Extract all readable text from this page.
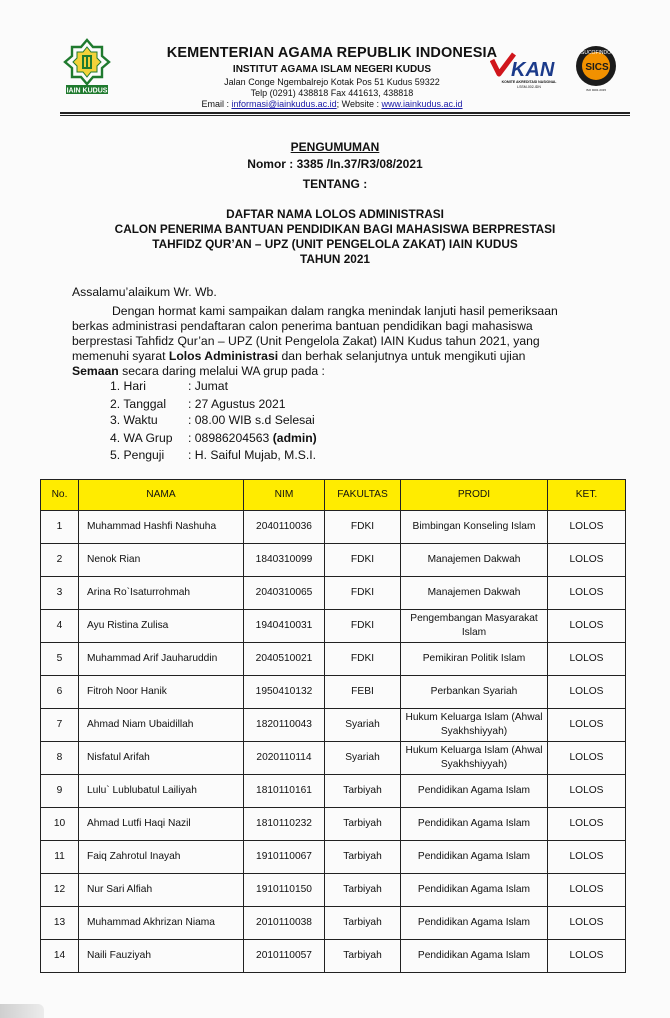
IAIN KUDUS
KEMENTERIAN AGAMA REPUBLIK INDONESIA
INSTITUT AGAMA ISLAM NEGERI KUDUS
Jalan Conge Ngembalrejo Kotak Pos 51 Kudus 59322
Telp (0291) 438818 Fax 441613, 438818
Email : informasi@iainkudus.ac.id; Website : www.iainkudus.ac.id
KAN
KOMITE AKREDITASI NASIONAL
LSSM-002-IDN
SUCOFINDO
SICS
ISO 9001:2015
PENGUMUMAN
Nomor : 3385 /In.37/R3/08/2021
TENTANG :
DAFTAR NAMA LOLOS ADMINISTRASI
CALON PENERIMA BANTUAN PENDIDIKAN BAGI MAHASISWA BERPRESTASI
TAHFIDZ QUR’AN – UPZ (UNIT PENGELOLA ZAKAT) IAIN KUDUS
TAHUN 2021
Assalamu’alaikum Wr. Wb.
Dengan hormat kami sampaikan dalam rangka menindak lanjuti hasil pemeriksaan
berkas administrasi pendaftaran calon penerima bantuan pendidikan bagi mahasiswa
berprestasi Tahfidz Qur’an – UPZ (Unit Pengelola Zakat) IAIN Kudus tahun 2021, yang
memenuhi syarat Lolos Administrasi dan berhak selanjutnya untuk mengikuti ujian
Semaan secara daring melalui WA grup pada :
1. Hari	: Jumat
2. Tanggal : 27 Agustus 2021
3. Waktu : 08.00 WIB s.d Selesai
4. WA Grup : 08986204563 (admin)
5. Penguji : H. Saiful Mujab, M.S.I.
No.	NAMA	NIM	FAKULTAS	PRODI	KET.
1	Muhammad Hashfi Nashuha	2040110036	FDKI	Bimbingan Konseling Islam	LOLOS
2	Nenok Rian	1840310099	FDKI	Manajemen Dakwah	LOLOS
3	Arina Ro`Isaturrohmah	2040310065	FDKI	Manajemen Dakwah	LOLOS
4	Ayu Ristina Zulisa	1940410031	FDKI	Pengembangan Masyarakat Islam	LOLOS
5	Muhammad Arif Jauharuddin	2040510021	FDKI	Pemikiran Politik Islam	LOLOS
6	Fitroh Noor Hanik	1950410132	FEBI	Perbankan Syariah	LOLOS
7	Ahmad Niam Ubaidillah	1820110043	Syariah	Hukum Keluarga Islam (Ahwal Syakhshiyyah)	LOLOS
8	Nisfatul Arifah	2020110114	Syariah	Hukum Keluarga Islam (Ahwal Syakhshiyyah)	LOLOS
9	Lulu` Lublubatul Lailiyah	1810110161	Tarbiyah	Pendidikan Agama Islam	LOLOS
10	Ahmad Lutfi Haqi Nazil	1810110232	Tarbiyah	Pendidikan Agama Islam	LOLOS
11	Faiq Zahrotul Inayah	1910110067	Tarbiyah	Pendidikan Agama Islam	LOLOS
12	Nur Sari Alfiah	1910110150	Tarbiyah	Pendidikan Agama Islam	LOLOS
13	Muhammad Akhrizan Niama	2010110038	Tarbiyah	Pendidikan Agama Islam	LOLOS
14	Naili Fauziyah	2010110057	Tarbiyah	Pendidikan Agama Islam	LOLOS
